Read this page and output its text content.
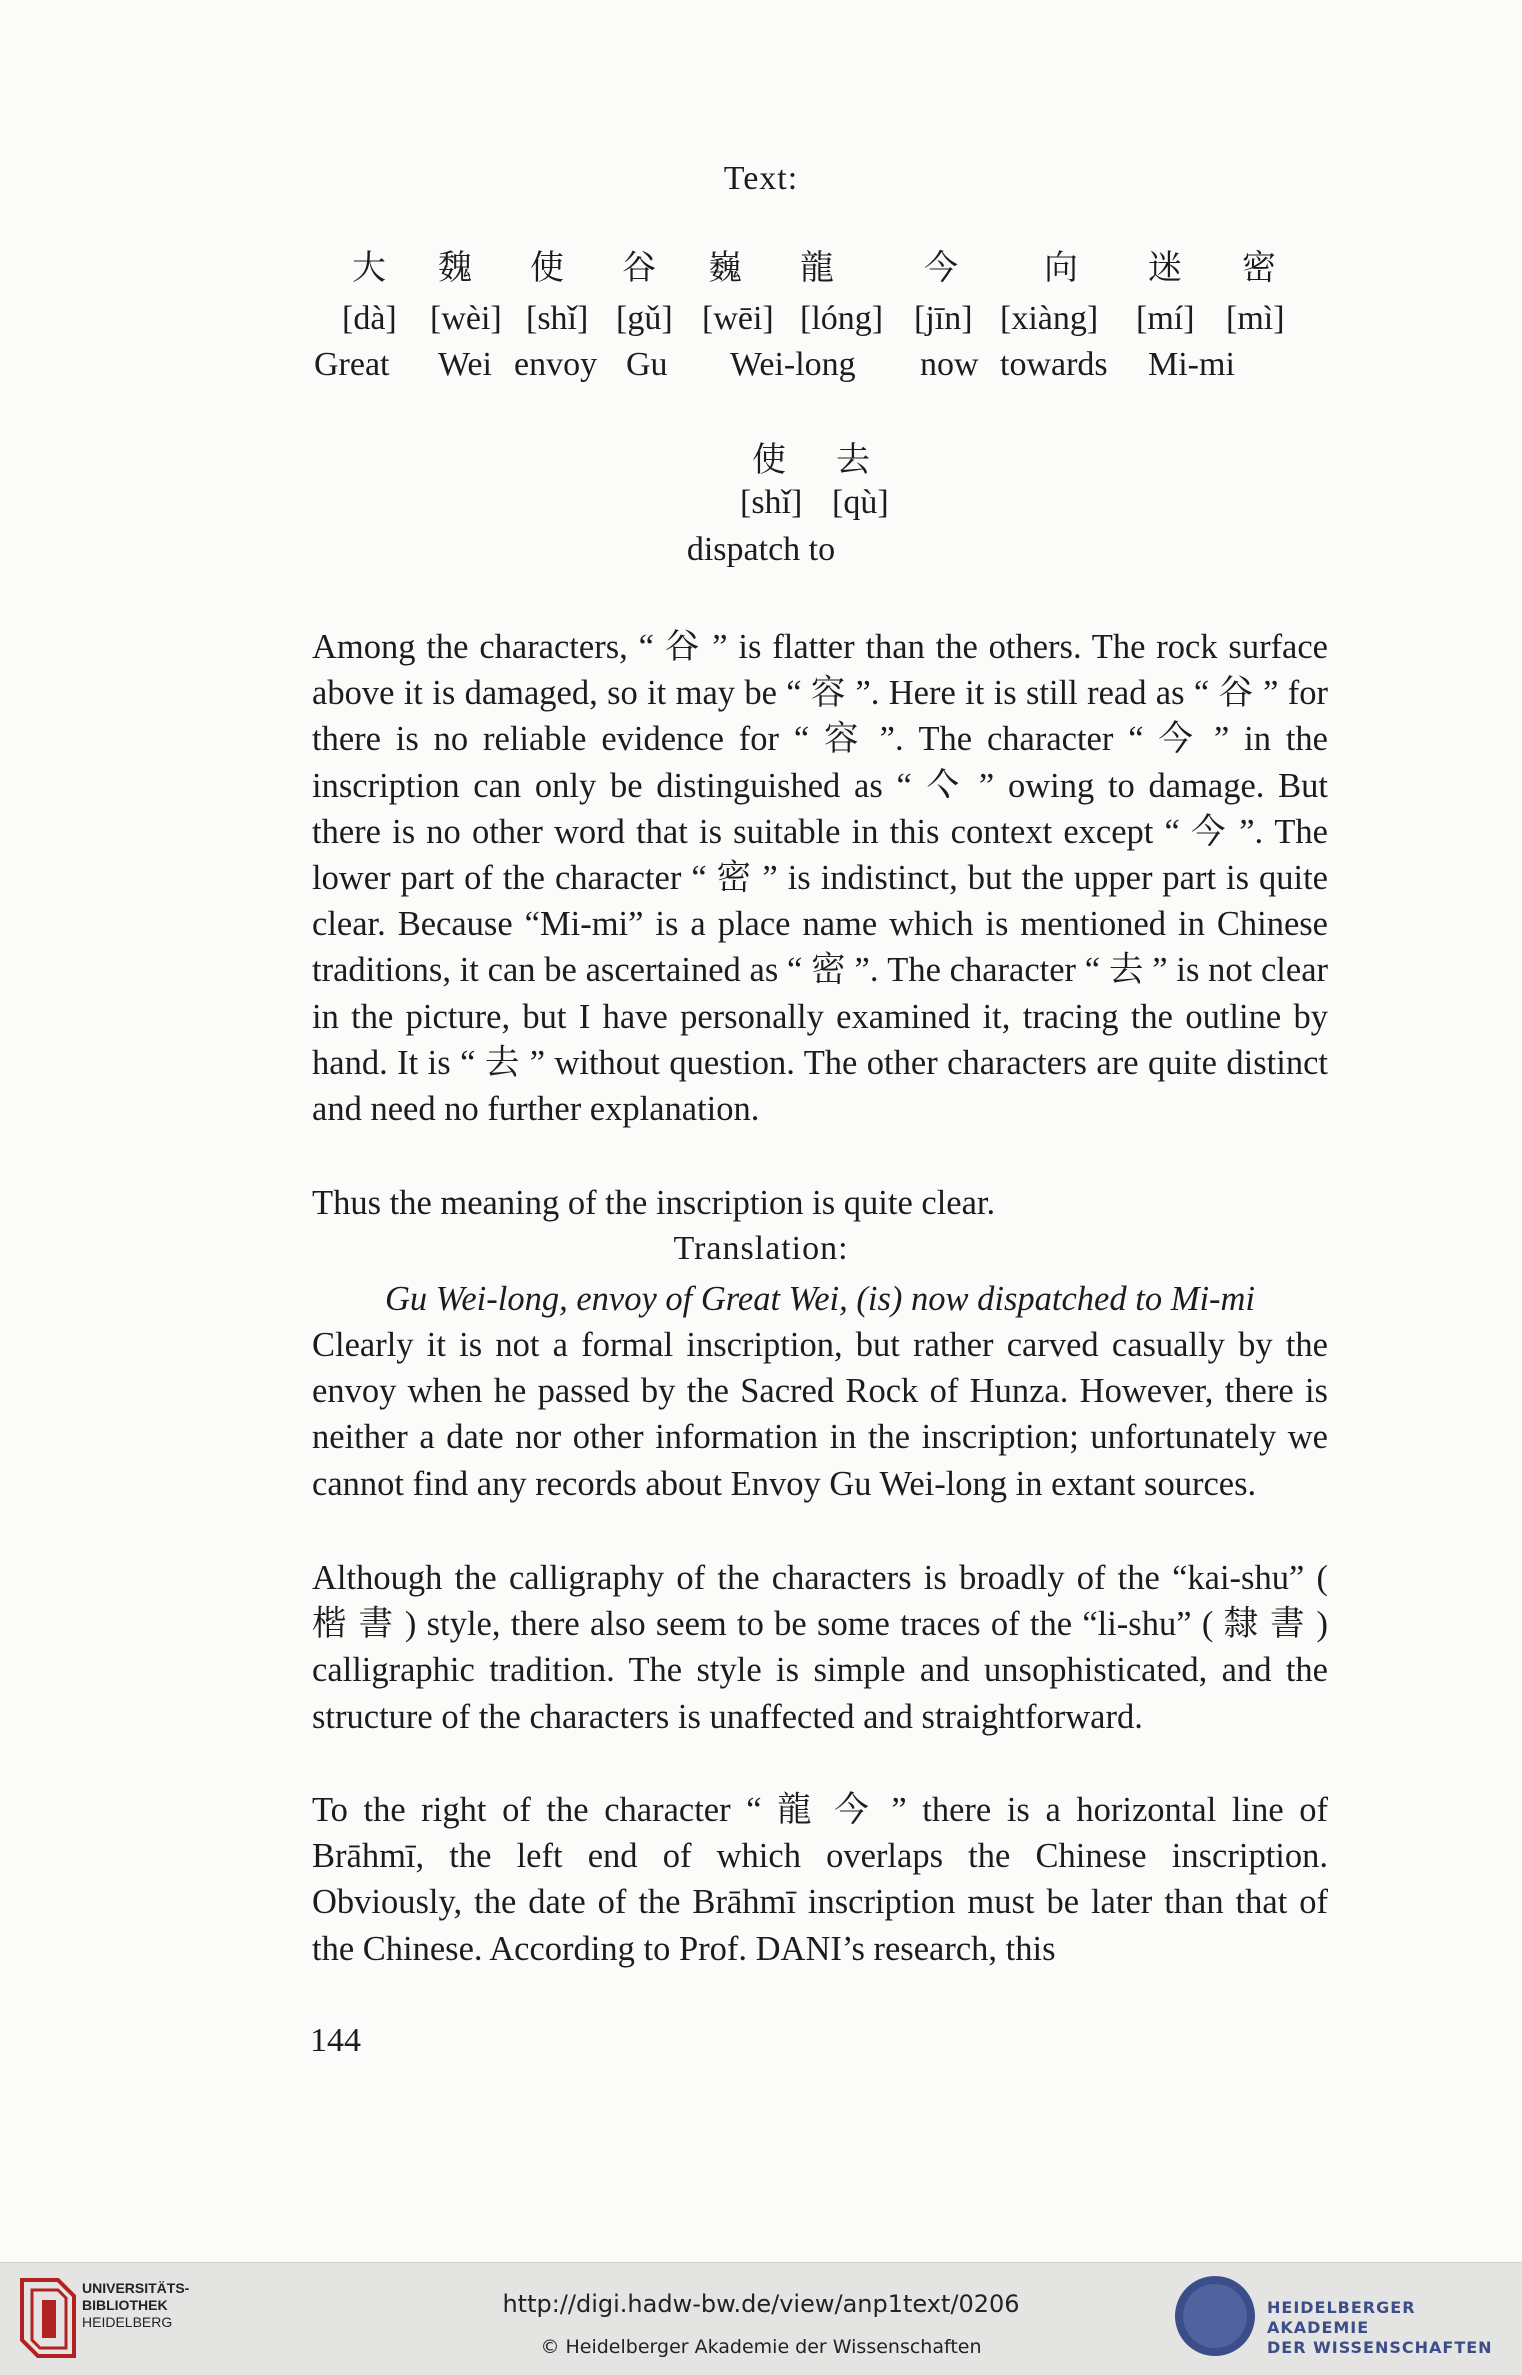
Text:
大 魏 使 谷 巍 龍	今	向 迷 密
[dà] [wèi] [shǐ] [gǔ] [wēi] [lóng] [jīn] [xiàng] [mí] [mì]
Great Wei envoy Gu Wei-long now towards Mi-mi
使 去
[shǐ] [qù]
dispatch to

Among the characters, “ 谷 ” is flatter than the others. The rock surface above it is damaged, so it may be “ 容 ”. Here it is still read as “ 谷 ” for there is no reliable evidence for “ 容 ”. The character “ 今 ” in the inscription can only be distinguished as “ 亽 ” owing to damage. But there is no other word that is suitable in this context except “ 今 ”. The lower part of the character “ 密 ” is indistinct, but the upper part is quite clear. Because “Mi-mi” is a place name which is mentioned in Chinese traditions, it can be ascertained as “ 密 ”. The character “ 去 ” is not clear in the picture, but I have personally examined it, tracing the outline by hand. It is “ 去 ” without question. The other characters are quite distinct and need no further explanation.

Thus the meaning of the inscription is quite clear.

Translation:

Gu Wei-long, envoy of Great Wei, (is) now dispatched to Mi-mi

Clearly it is not a formal inscription, but rather carved casually by the envoy when he passed by the Sacred Rock of Hunza. However, there is neither a date nor other information in the inscription; unfortunately we cannot find any records about Envoy Gu Wei-long in extant sources.

Although the calligraphy of the characters is broadly of the “kai-shu” ( 楷 書 ) style, there also seem to be some traces of the “li-shu” ( 隸 書 ) calligraphic tradition. The style is simple and unsophisticated, and the structure of the characters is unaffected and straightforward.

To the right of the character “ 龍 今 ” there is a horizontal line of Brāhmī, the left end of which overlaps the Chinese inscription. Obviously, the date of the Brāhmī inscription must be later than that of the Chinese. According to Prof. DANI’s research, this

144
UNIVERSITÄTS-
BIBLIOTHEK
HEIDELBERG
http://digi.hadw-bw.de/view/anp1text/0206
© Heidelberger Akademie der Wissenschaften
HEIDELBERGER AKADEMIE
DER WISSENSCHAFTEN
